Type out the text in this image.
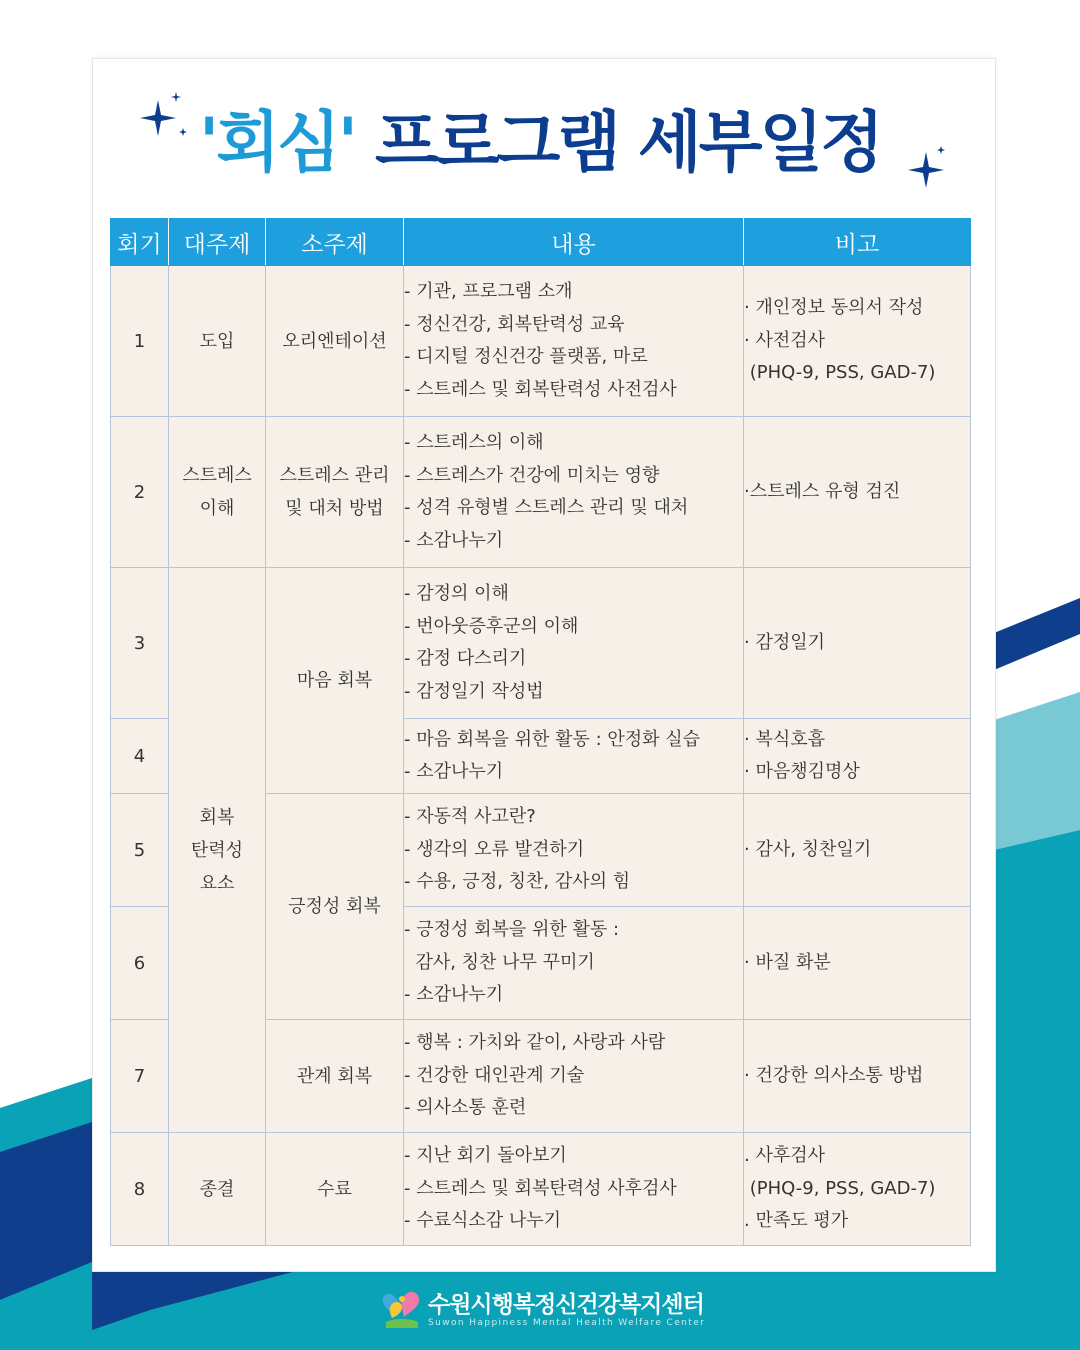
'회심' 프로그램 세부일정
회기	대주제	소주제	내용	비고
1	도입	오리엔테이션	- 기관, 프로그램 소개
- 정신건강, 회복탄력성 교육
- 디지털 정신건강 플랫폼, 마로
- 스트레스 및 회복탄력성 사전검사	· 개인정보 동의서 작성
· 사전검사
(PHQ-9, PSS, GAD-7)

2	스트레스
이해	스트레스 관리
및 대처 방법	- 스트레스의 이해
- 스트레스가 건강에 미치는 영향
- 성격 유형별 스트레스 관리 및 대처
- 소감나누기	·스트레스 유형 검진

3	회복
탄력성
요소	마음 회복	- 감정의 이해
- 번아웃증후군의 이해
- 감정 다스리기
- 감정일기 작성법	· 감정일기

4			- 마음 회복을 위한 활동 : 안정화 실습
- 소감나누기	· 복식호흡
· 마음챙김명상

5		긍정성 회복	- 자동적 사고란?
- 생각의 오류 발견하기
- 수용, 긍정, 칭찬, 감사의 힘	· 감사, 칭찬일기

6			- 긍정성 회복을 위한 활동 :
감사, 칭찬 나무 꾸미기
- 소감나누기	· 바질 화분

7		관계 회복	- 행복 : 가치와 같이, 사랑과 사람
- 건강한 대인관계 기술
- 의사소통 훈련	· 건강한 의사소통 방법

8	종결	수료	- 지난 회기 돌아보기
- 스트레스 및 회복탄력성 사후검사
- 수료식소감 나누기	. 사후검사
(PHQ-9, PSS, GAD-7)
. 만족도 평가
수원시행복정신건강복지센터
Suwon Happiness Mental Health Welfare Center
